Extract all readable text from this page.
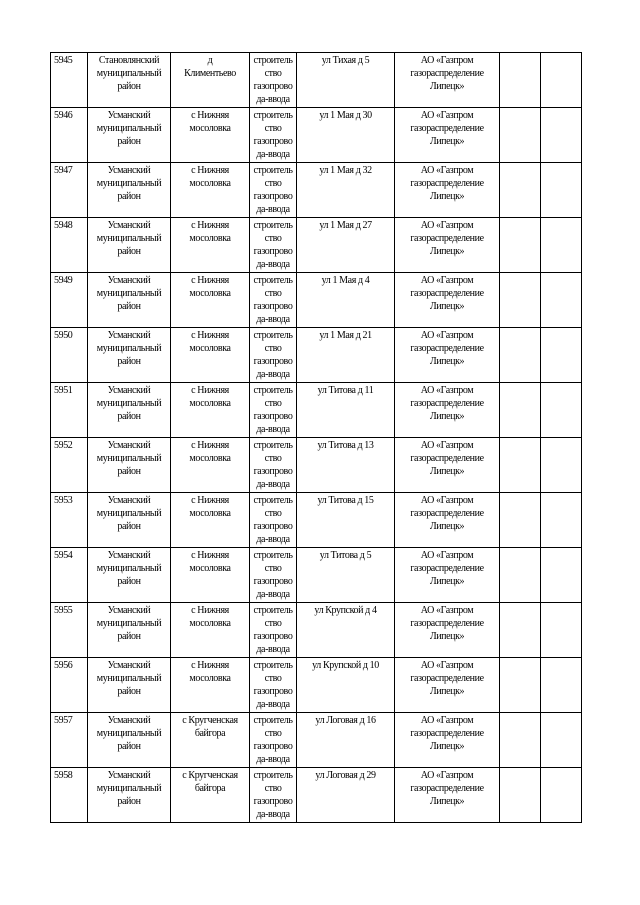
5945	Становлянский
муниципальный
район	д
Климентьево	строитель
ство
газопрово
да-ввода	ул Тихая д 5	АО «Газпром
газораспределение
Липецк»		

5946	Усманский
муниципальный
район	с Нижняя
мосоловка	строитель
ство
газопрово
да-ввода	ул 1 Мая д 30	АО «Газпром
газораспределение
Липецк»		

5947	Усманский
муниципальный
район	с Нижняя
мосоловка	строитель
ство
газопрово
да-ввода	ул 1 Мая д 32	АО «Газпром
газораспределение
Липецк»		

5948	Усманский
муниципальный
район	с Нижняя
мосоловка	строитель
ство
газопрово
да-ввода	ул 1 Мая д 27	АО «Газпром
газораспределение
Липецк»		

5949	Усманский
муниципальный
район	с Нижняя
мосоловка	строитель
ство
газопрово
да-ввода	ул 1 Мая д 4	АО «Газпром
газораспределение
Липецк»		

5950	Усманский
муниципальный
район	с Нижняя
мосоловка	строитель
ство
газопрово
да-ввода	ул 1 Мая д 21	АО «Газпром
газораспределение
Липецк»		

5951	Усманский
муниципальный
район	с Нижняя
мосоловка	строитель
ство
газопрово
да-ввода	ул Титова д 11	АО «Газпром
газораспределение
Липецк»		

5952	Усманский
муниципальный
район	с Нижняя
мосоловка	строитель
ство
газопрово
да-ввода	ул Титова д 13	АО «Газпром
газораспределение
Липецк»		

5953	Усманский
муниципальный
район	с Нижняя
мосоловка	строитель
ство
газопрово
да-ввода	ул Титова д 15	АО «Газпром
газораспределение
Липецк»		

5954	Усманский
муниципальный
район	с Нижняя
мосоловка	строитель
ство
газопрово
да-ввода	ул Титова д 5	АО «Газпром
газораспределение
Липецк»		

5955	Усманский
муниципальный
район	с Нижняя
мосоловка	строитель
ство
газопрово
да-ввода	ул Крупской д 4	АО «Газпром
газораспределение
Липецк»		

5956	Усманский
муниципальный
район	с Нижняя
мосоловка	строитель
ство
газопрово
да-ввода	ул Крупской д 10	АО «Газпром
газораспределение
Липецк»		

5957	Усманский
муниципальный
район	с Кругченская
байгора	строитель
ство
газопрово
да-ввода	ул Логовая д 16	АО «Газпром
газораспределение
Липецк»		

5958	Усманский
муниципальный
район	с Кругченская
байгора	строитель
ство
газопрово
да-ввода	ул Логовая д 29	АО «Газпром
газораспределение
Липецк»		
